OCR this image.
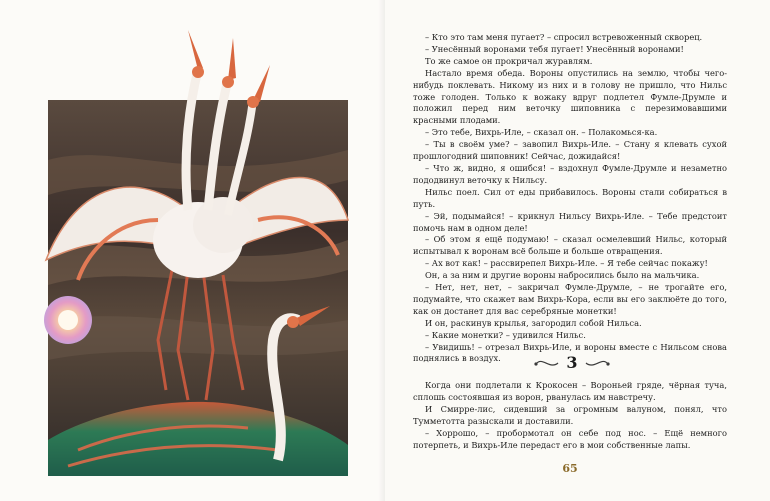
– Кто это там меня пугает? – спросил встревоженный скворец.

– Унесённый воронами тебя пугает! Унесённый воронами!

То же самое он прокричал журавлям.

Настало время обеда. Вороны опустились на землю, чтобы чего-нибудь поклевать. Никому из них и в голову не пришло, что Нильс тоже голоден. Только к вожаку вдруг подлетел Фумле-Друмле и положил перед ним веточку шиповника с перезимовавшими красными плодами.

– Это тебе, Вихрь-Иле, – сказал он. – Полакомься-ка.

– Ты в своём уме? – завопил Вихрь-Иле. – Стану я клевать сухой прошлогодний шиповник! Сейчас, дожидайся!

– Что ж, видно, я ошибся! – вздохнул Фумле-Друмле и незаметно пододвинул веточку к Нильсу.

Нильс поел. Сил от еды прибавилось. Вороны стали собираться в путь.

– Эй, подымайся! – крикнул Нильсу Вихрь-Иле. – Тебе предстоит помочь нам в одном деле!

– Об этом я ещё подумаю! – сказал осмелевший Нильс, который испытывал к воронам всё больше и больше отвращения.

– Ах вот как! – рассвирепел Вихрь-Иле. – Я тебе сейчас покажу!

Он, а за ним и другие вороны набросились было на мальчика.

– Нет, нет, нет, – закричал Фумле-Друмле, – не трогайте его, подумайте, что скажет вам Вихрь-Кора, если вы его заклюёте до того, как он достанет для вас серебряные монетки!

И он, раскинув крылья, загородил собой Нильса.

– Какие монетки? – удивился Нильс.

– Увидишь! – отрезал Вихрь-Иле, и вороны вместе с Нильсом снова поднялись в воздух.	3

Когда они подлетали к Крокосен – Вороньей гряде, чёрная туча, сплошь состоявшая из ворон, рванулась им навстречу.

И Смирре-лис, сидевший за огромным валуном, понял, что Тумметотта разыскали и доставили.

– Хоррошо, – пробормотал он себе под нос. – Ещё немного потерпеть, и Вихрь-Иле передаст его в мои собственные лапы.

65
